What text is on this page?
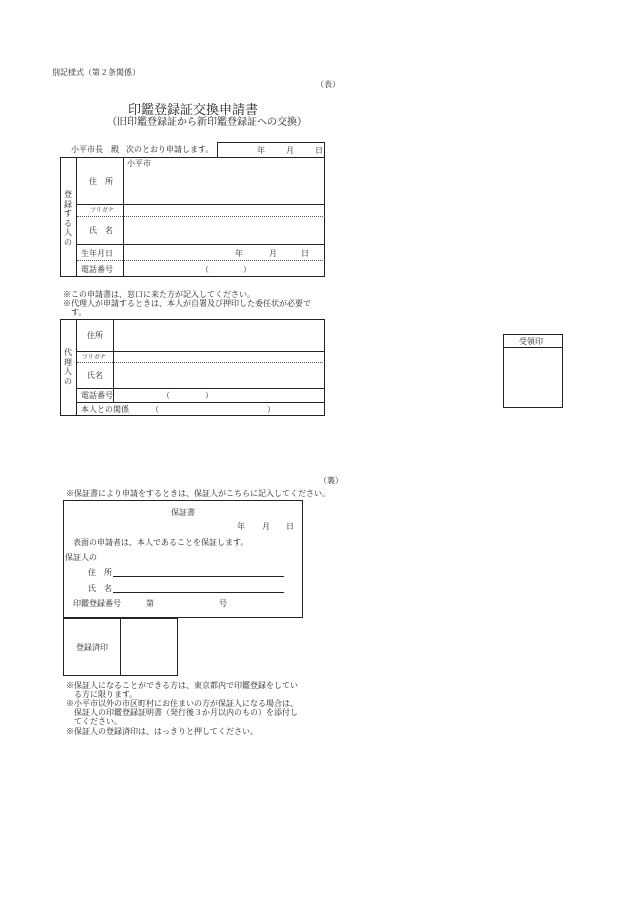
別記様式（第２条関係）
（表）
印鑑登録証交換申請書
（旧印鑑登録証から新印鑑登録証への交換）
小平市長　殿 次のとおり申請します。	年	月	日
登録する人の
住　所
小平市
フリガナ
氏　名
生年月日	年	月	日
電話番号	（	）
※この申請書は、窓口に来た方が記入してください。
※代理人が申請するときは、本人が自署及び押印した委任状が必要で
す。
代理人の
住所
フリガナ
氏名
電話番号	（	）
本人との関係	（	）
受領印
（裏）
※保証書により申請をするときは、保証人がこちらに記入してください。
保証書
年 月 日
表面の申請者は、本人であることを保証します。
保証人の
住　所
氏　名
印鑑登録番号	第	号
登録済印
※保証人になることができる方は、東京都内で印鑑登録をしてい
る方に限ります。
※小平市以外の市区町村にお住まいの方が保証人になる場合は、
保証人の印鑑登録証明書（発行後３か月以内のもの）を添付し
てください。
※保証人の登録済印は、はっきりと押してください。
